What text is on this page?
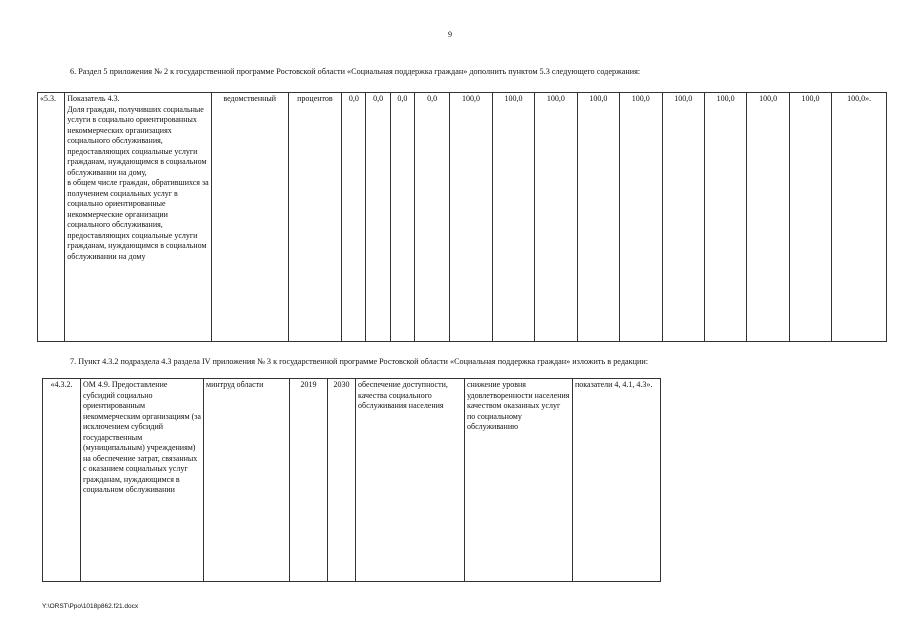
9
6. Раздел 5 приложения № 2 к государственной программе Ростовской области «Социальная поддержка граждан» дополнить пунктом 5.3 следующего содержания:
«5.3.	Показатель 4.3.
Доля граждан, получивших социальные услуги в социально ориентированных некоммерческих организациях социального обслуживания, предоставляющих социальные услуги гражданам, нуждающимся в социальном обслуживании на дому,
в общем числе граждан, обратившихся за получением социальных услуг в социально ориентированные некоммерческие организации социального обслуживания, предоставляющих социальные услуги гражданам, нуждающимся в социальном обслуживании на дому	ведомственный	процентов	0,0	0,0	0,0	0,0	100,0	100,0	100,0	100,0	100,0	100,0	100,0	100,0	100,0	100,0».
7. Пункт 4.3.2 подраздела 4.3 раздела IV приложения № 3 к государственной программе Ростовской области «Социальная поддержка граждан» изложить в редакции:
«4.3.2.	ОМ 4.9. Предоставление субсидий социально ориентированным некоммерческим организациям (за исключением субсидий государственным (муниципальным) учреждениям) на обеспечение затрат, связанных с оказанием социальных услуг гражданам, нуждающимся в социальном обслуживании	минтруд области	2019	2030	обеспечение доступности, качества социального обслуживания населения	снижение уровня удовлетворенности населения качеством оказанных услуг по социальному обслуживанию	показатели 4, 4.1, 4.3».
Y:\ORST\Ppo\1018p862.f21.docx
